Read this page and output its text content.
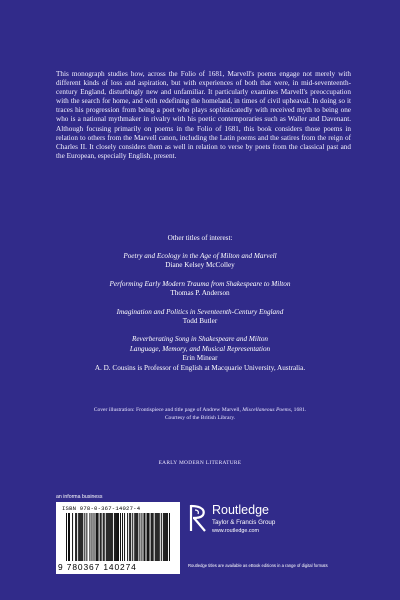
This monograph studies how, across the Folio of 1681, Marvell's poems engage not merely with different kinds of loss and aspiration, but with experiences of both that were, in mid-seventeenth-century England, disturbingly new and unfamiliar. It particularly examines Marvell's preoccupation with the search for home, and with redefining the homeland, in times of civil upheaval. In doing so it traces his progression from being a poet who plays sophisticatedly with received myth to being one who is a national mythmaker in rivalry with his poetic contemporaries such as Waller and Davenant. Although focusing primarily on poems in the Folio of 1681, this book considers those poems in relation to others from the Marvell canon, including the Latin poems and the satires from the reign of Charles II. It closely considers them as well in relation to verse by poets from the classical past and the European, especially English, present.
Other titles of interest:
Poetry and Ecology in the Age of Milton and Marvell
Diane Kelsey McColley
Performing Early Modern Trauma from Shakespeare to Milton
Thomas P. Anderson
Imagination and Politics in Seventeenth-Century England
Todd Butler
Reverberating Song in Shakespeare and Milton
Language, Memory, and Musical Representation
Erin Minear
A. D. Cousins is Professor of English at Macquarie University, Australia.
Cover illustration: Frontispiece and title page of Andrew Marvell, Miscellaneous Poems, 1681.
Courtesy of the British Library.
EARLY MODERN LITERATURE
an informa business
ISBN 978-0-367-14027-4
9 780367 140274
Routledge
Taylor & Francis Group
www.routledge.com
Routledge titles are available as eBook editions in a range of digital formats
